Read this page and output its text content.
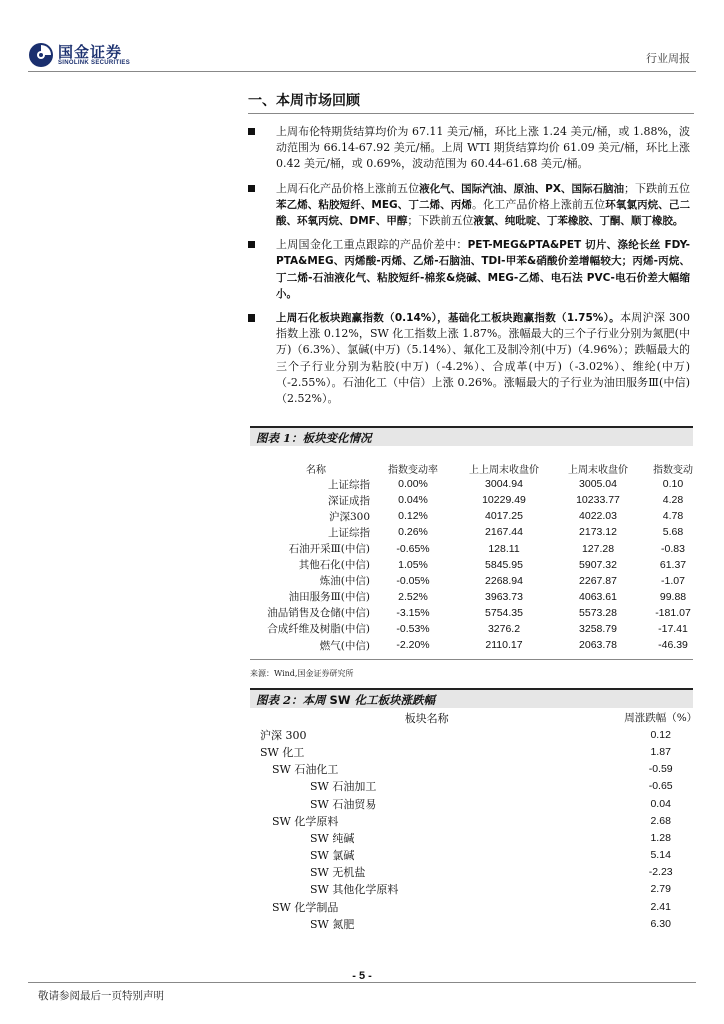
国金证券
SINOLINK SECURITIES	行业周报
一、本周市场回顾
上周布伦特期货结算均价为 67.11 美元/桶，环比上涨 1.24 美元/桶，或 1.88%，波动范围为 66.14-67.92 美元/桶。上周 WTI 期货结算均价 61.09 美元/桶，环比上涨 0.42 美元/桶，或 0.69%，波动范围为 60.44-61.68 美元/桶。
上周石化产品价格上涨前五位液化气、国际汽油、原油、PX、国际石脑油；下跌前五位苯乙烯、粘胶短纤、MEG、丁二烯、丙烯。化工产品价格上涨前五位环氧氯丙烷、己二酸、环氧丙烷、DMF、甲醇；下跌前五位液氯、纯吡啶、丁苯橡胶、丁酮、顺丁橡胶。
上周国金化工重点跟踪的产品价差中：PET-MEG&PTA&PET 切片、涤纶长丝 FDY-PTA&MEG、丙烯酸-丙烯、乙烯-石脑油、TDI-甲苯&硝酸价差增幅较大；丙烯-丙烷、丁二烯-石油液化气、粘胶短纤-棉浆&烧碱、MEG-乙烯、电石法 PVC-电石价差大幅缩小。
上周石化板块跑赢指数（0.14%），基础化工板块跑赢指数（1.75%）。本周沪深 300 指数上涨 0.12%，SW 化工指数上涨 1.87%。涨幅最大的三个子行业分别为氮肥(中万)（6.3%）、氯碱(中万)（5.14%）、氟化工及制冷剂(中万)（4.96%）；跌幅最大的三个子行业分别为粘胶(中万)（-4.2%）、合成革(中万)（-3.02%）、维纶(中万)（-2.55%）。石油化工（中信）上涨 0.26%。涨幅最大的子行业为油田服务Ⅲ(中信)（2.52%）。
图表 1：板块变化情况
名称	指数变动率	上上周末收盘价	上周末收盘价	指数变动
上证综指	0.00%	3004.94	3005.04	0.10
深证成指	0.04%	10229.49	10233.77	4.28
沪深300	0.12%	4017.25	4022.03	4.78
上证综指	0.26%	2167.44	2173.12	5.68
石油开采Ⅲ(中信)	-0.65%	128.11	127.28	-0.83
其他石化(中信)	1.05%	5845.95	5907.32	61.37
炼油(中信)	-0.05%	2268.94	2267.87	-1.07
油田服务Ⅲ(中信)	2.52%	3963.73	4063.61	99.88
油品销售及仓储(中信)	-3.15%	5754.35	5573.28	-181.07
合成纤维及树脂(中信)	-0.53%	3276.2	3258.79	-17.41
燃气(中信)	-2.20%	2110.17	2063.78	-46.39
来源：Wind,国金证券研究所
图表 2：本周 SW 化工板块涨跌幅
板块名称	周涨跌幅（%）
沪深 300	0.12
SW 化工	1.87
SW 石油化工	-0.59
SW 石油加工	-0.65
SW 石油贸易	0.04
SW 化学原料	2.68
SW 纯碱	1.28
SW 氯碱	5.14
SW 无机盐	-2.23
SW 其他化学原料	2.79
SW 化学制品	2.41
SW 氮肥	6.30
- 5 -
敬请参阅最后一页特别声明
